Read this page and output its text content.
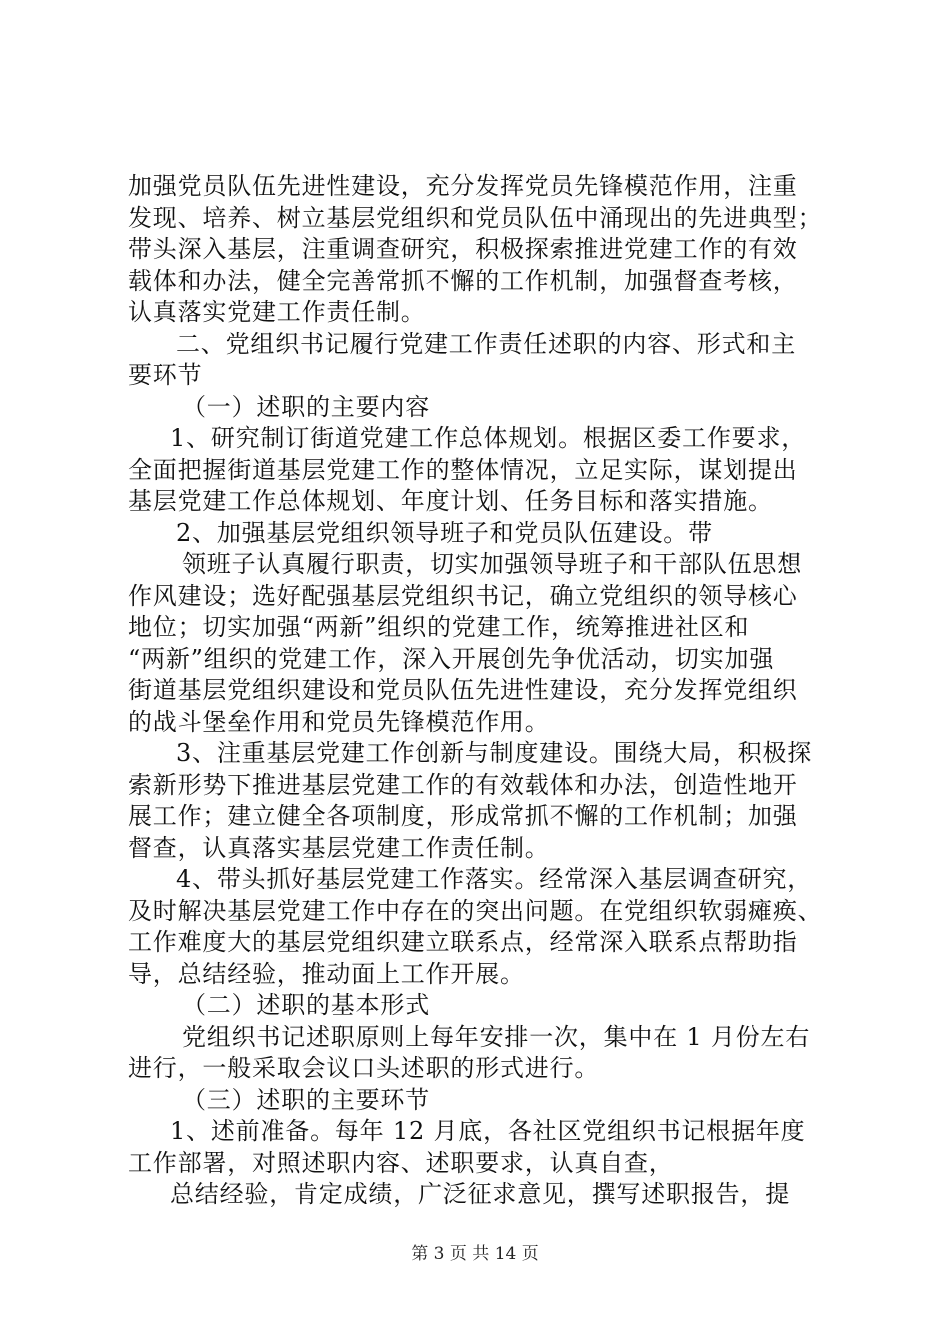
加强党员队伍先进性建设，充分发挥党员先锋模范作用，注重
发现、培养、树立基层党组织和党员队伍中涌现出的先进典型；
带头深入基层，注重调查研究，积极探索推进党建工作的有效
载体和办法，健全完善常抓不懈的工作机制，加强督查考核，
认真落实党建工作责任制。
二、党组织书记履行党建工作责任述职的内容、形式和主
要环节
（一）述职的主要内容
1、研究制订街道党建工作总体规划。根据区委工作要求，
全面把握街道基层党建工作的整体情况，立足实际，谋划提出
基层党建工作总体规划、年度计划、任务目标和落实措施。
2、加强基层党组织领导班子和党员队伍建设。带
领班子认真履行职责，切实加强领导班子和干部队伍思想
作风建设；选好配强基层党组织书记，确立党组织的领导核心
地位；切实加强“两新”组织的党建工作，统筹推进社区和
“两新”组织的党建工作，深入开展创先争优活动，切实加强
街道基层党组织建设和党员队伍先进性建设，充分发挥党组织
的战斗堡垒作用和党员先锋模范作用。
3、注重基层党建工作创新与制度建设。围绕大局，积极探
索新形势下推进基层党建工作的有效载体和办法，创造性地开
展工作；建立健全各项制度，形成常抓不懈的工作机制；加强
督查，认真落实基层党建工作责任制。
4、带头抓好基层党建工作落实。经常深入基层调查研究，
及时解决基层党建工作中存在的突出问题。在党组织软弱瘫痪、
工作难度大的基层党组织建立联系点，经常深入联系点帮助指
导，总结经验，推动面上工作开展。
（二）述职的基本形式
党组织书记述职原则上每年安排一次，集中在 1 月份左右
进行，一般采取会议口头述职的形式进行。
（三）述职的主要环节
1、述前准备。每年 12 月底，各社区党组织书记根据年度
工作部署，对照述职内容、述职要求，认真自查，
总结经验，肯定成绩，广泛征求意见，撰写述职报告，提
第 3 页 共 14 页
